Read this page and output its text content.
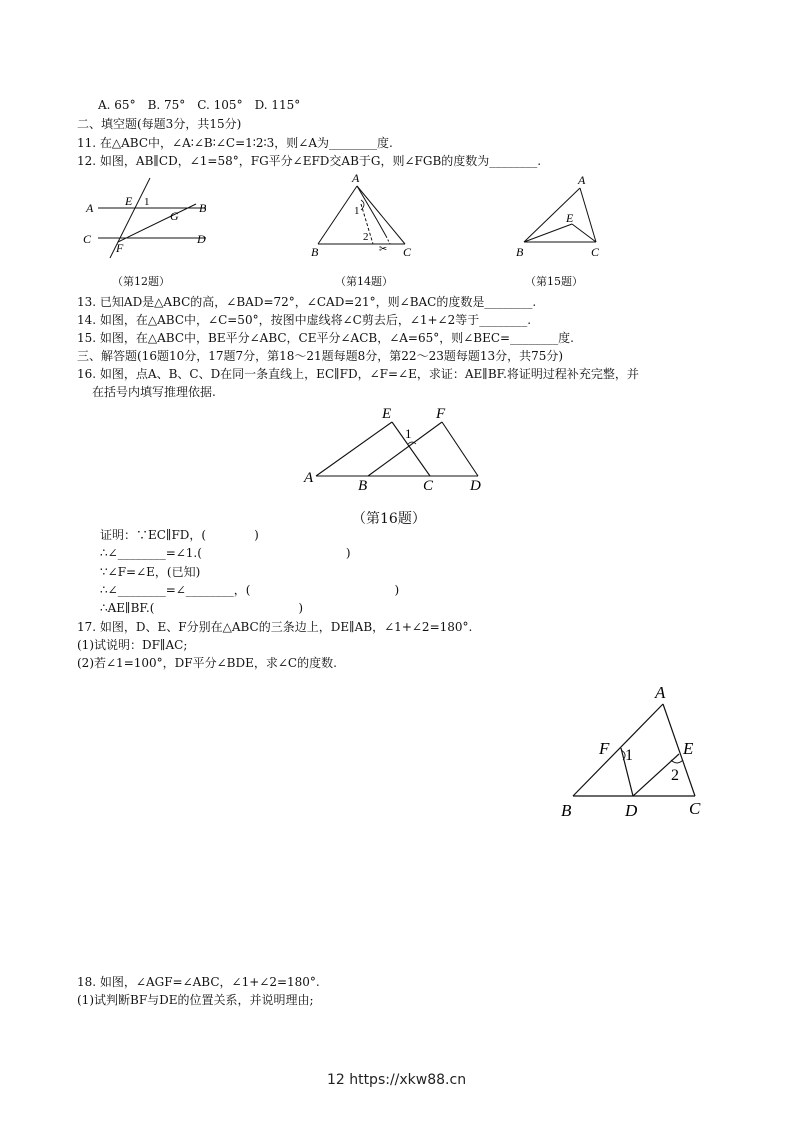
A. 65°　B. 75°　C. 105°　D. 115°
二、填空题(每题3分，共15分)
11. 在△ABC中，∠A∶∠B∶∠C=1∶2∶3，则∠A为________度.
12. 如图，AB∥CD，∠1=58°，FG平分∠EFD交AB于G，则∠FGB的度数为________.
A	E 1	B
G
C
F
D
（第12题）
A
1
2
B	C
✂
（第14题）
A
E
B	C
（第15题）
13. 已知AD是△ABC的高，∠BAD=72°，∠CAD=21°，则∠BAC的度数是________.
14. 如图，在△ABC中，∠C=50°，按图中虚线将∠C剪去后，∠1+∠2等于________.
15. 如图，在△ABC中，BE平分∠ABC，CE平分∠ACB，∠A=65°，则∠BEC=________度.
三、解答题(16题10分，17题7分，第18～21题每题8分，第22～23题每题13分，共75分)
16. 如图，点A、B、C、D在同一条直线上，EC∥FD，∠F=∠E，求证：AE∥BF.将证明过程补充完整，并
在括号内填写推理依据.
E	F
1
A	B	C D
（第16题）
证明：∵EC∥FD，(　　　　)
∴∠________=∠1.(　　　　　　　　　　　　)
∵∠F=∠E，(已知)
∴∠________=∠________，(　　　　　　　　　　　　)
∴AE∥BF.(　　　　　　　　　　　　)
17. 如图，D、E、F分别在△ABC的三条边上，DE∥AB，∠1+∠2=180°.
(1)试说明：DF∥AC;
(2)若∠1=100°，DF平分∠BDE，求∠C的度数.
A
F 1	E
2
B	D	C
18. 如图，∠AGF=∠ABC，∠1+∠2=180°.
(1)试判断BF与DE的位置关系，并说明理由;
12 https://xkw88.cn
